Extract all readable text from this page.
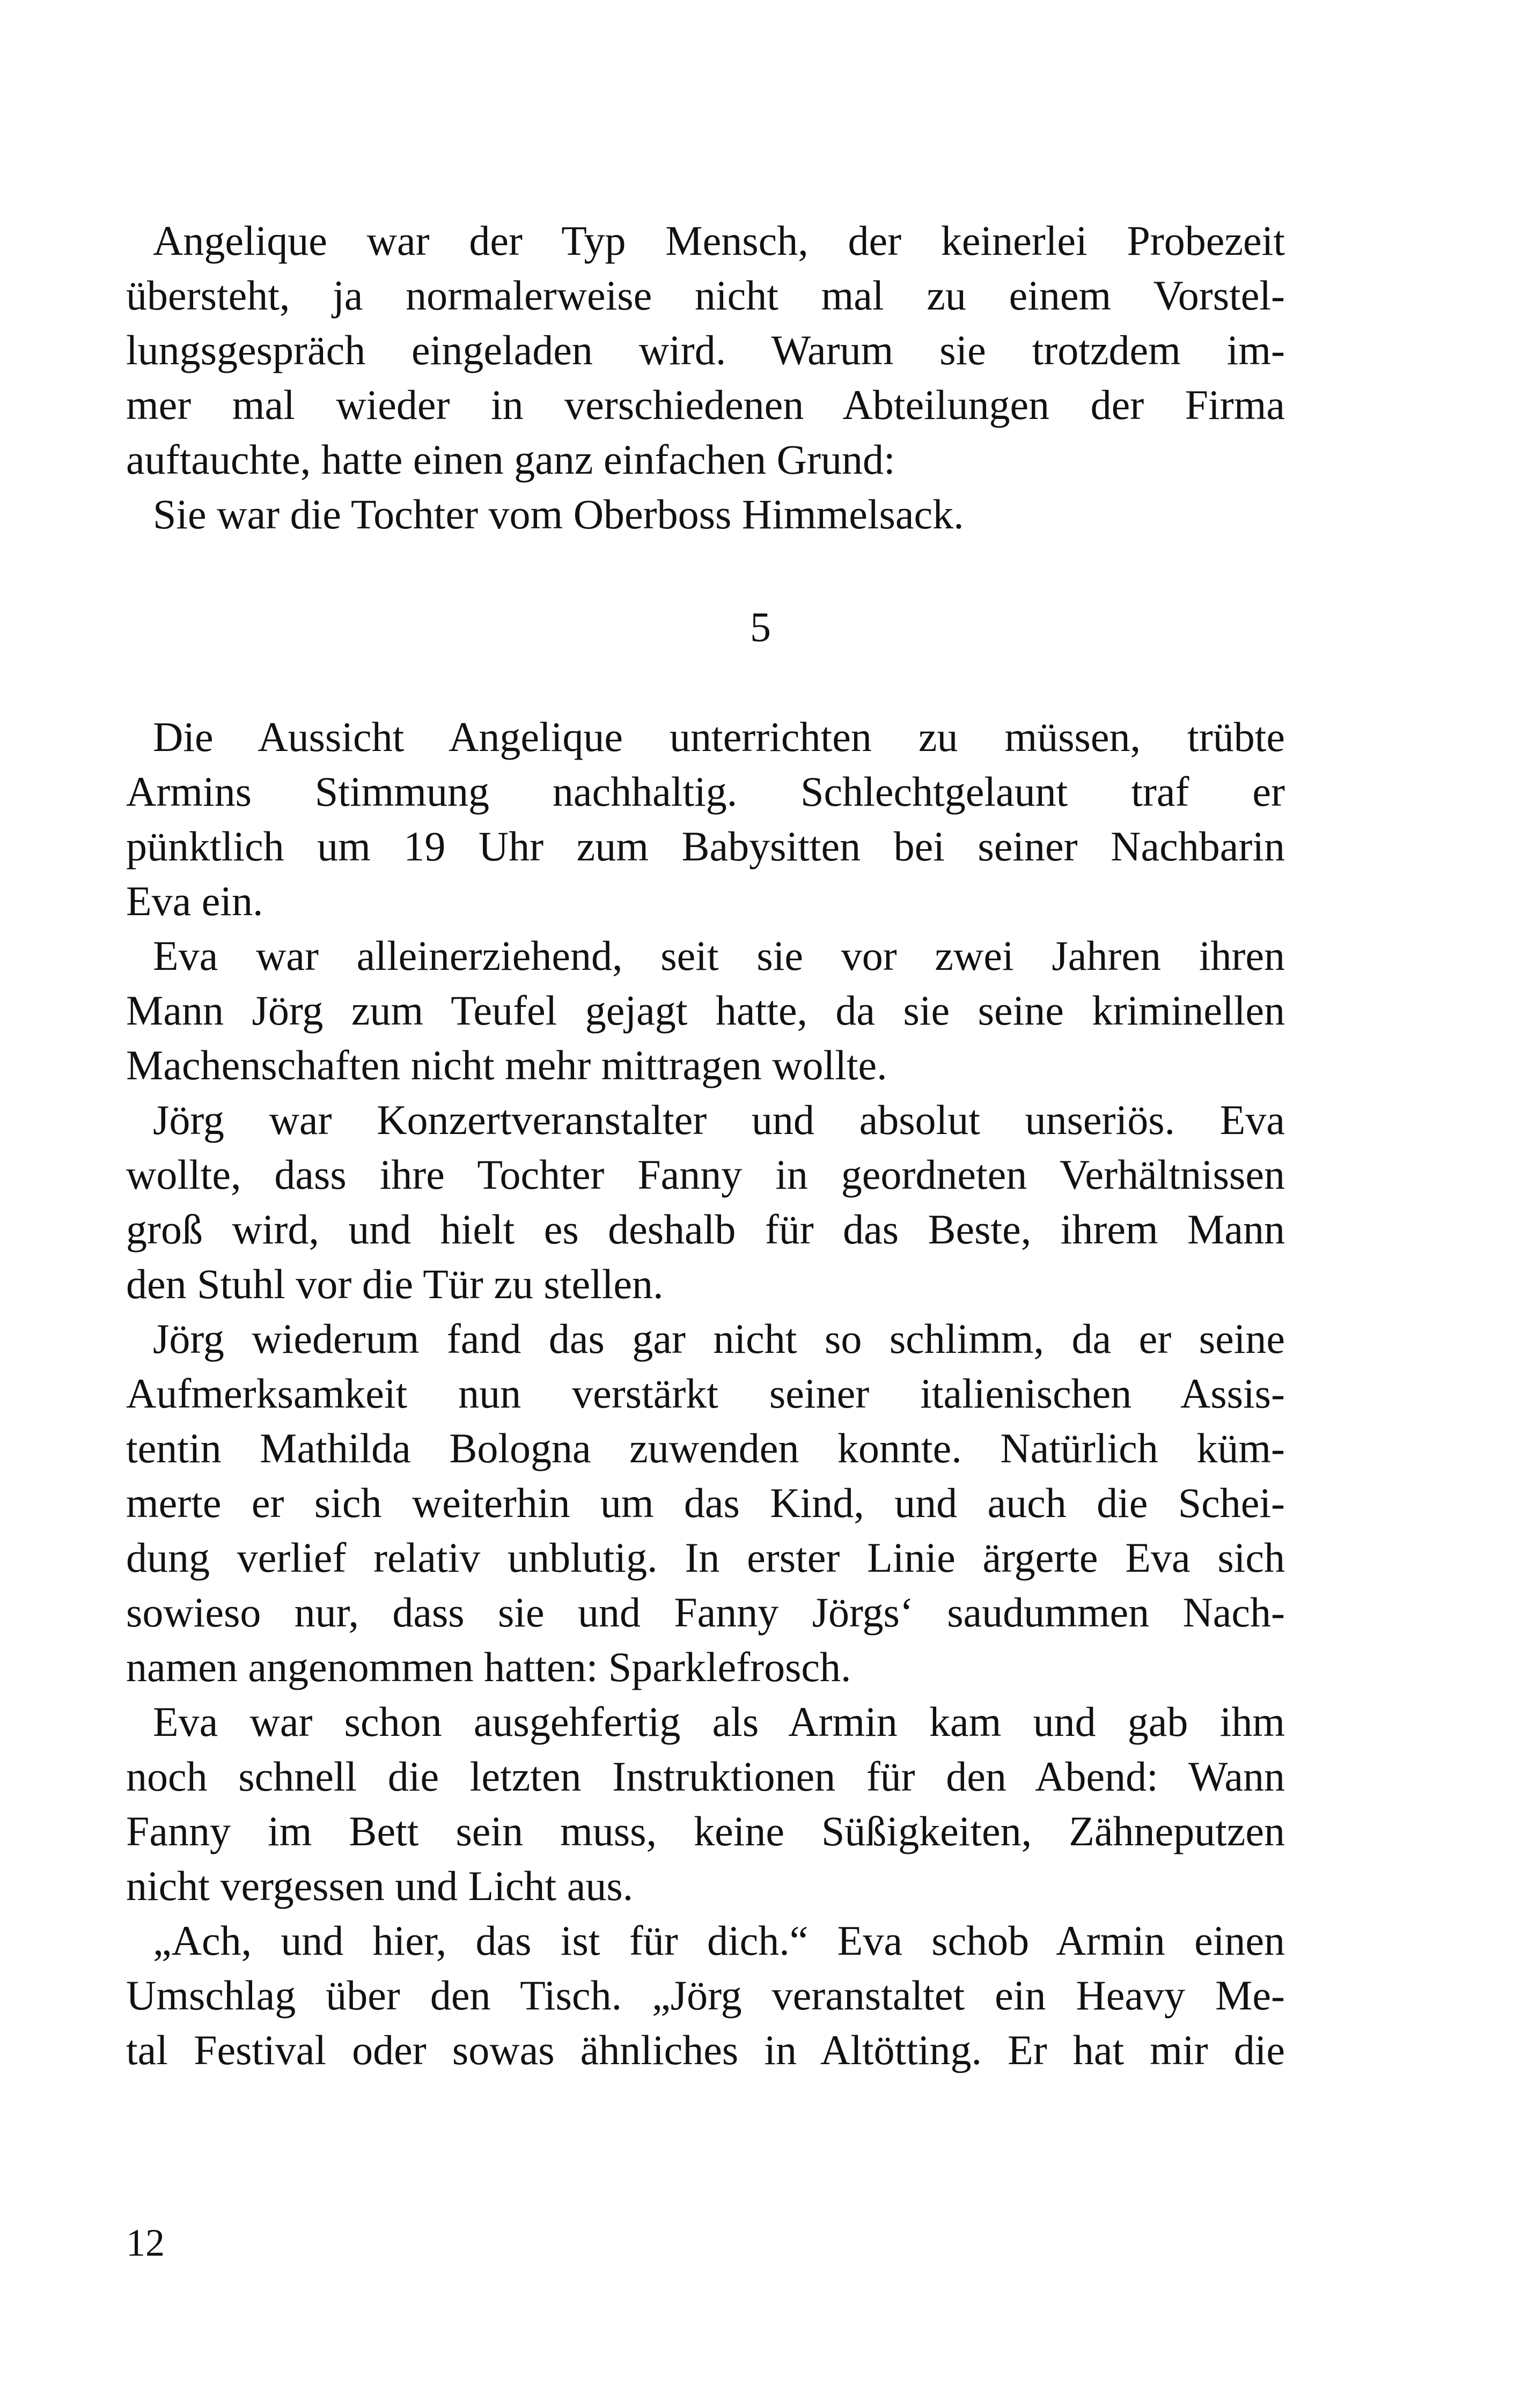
Angelique war der Typ Mensch, der keinerlei Probezeit
übersteht, ja normalerweise nicht mal zu einem Vorstel-
lungsgespräch eingeladen wird. Warum sie trotzdem im-
mer mal wieder in verschiedenen Abteilungen der Firma
auftauchte, hatte einen ganz einfachen Grund:
Sie war die Tochter vom Oberboss Himmelsack.
5
Die Aussicht Angelique unterrichten zu müssen, trübte
Armins Stimmung nachhaltig. Schlechtgelaunt traf er
pünktlich um 19 Uhr zum Babysitten bei seiner Nachbarin
Eva ein.
Eva war alleinerziehend, seit sie vor zwei Jahren ihren
Mann Jörg zum Teufel gejagt hatte, da sie seine kriminellen
Machenschaften nicht mehr mittragen wollte.
Jörg war Konzertveranstalter und absolut unseriös. Eva
wollte, dass ihre Tochter Fanny in geordneten Verhältnissen
groß wird, und hielt es deshalb für das Beste, ihrem Mann
den Stuhl vor die Tür zu stellen.
Jörg wiederum fand das gar nicht so schlimm, da er seine
Aufmerksamkeit nun verstärkt seiner italienischen Assis-
tentin Mathilda Bologna zuwenden konnte. Natürlich küm-
merte er sich weiterhin um das Kind, und auch die Schei-
dung verlief relativ unblutig. In erster Linie ärgerte Eva sich
sowieso nur, dass sie und Fanny Jörgs‘ saudummen Nach-
namen angenommen hatten: Sparklefrosch.
Eva war schon ausgehfertig als Armin kam und gab ihm
noch schnell die letzten Instruktionen für den Abend: Wann
Fanny im Bett sein muss, keine Süßigkeiten, Zähneputzen
nicht vergessen und Licht aus.
„Ach, und hier, das ist für dich.“ Eva schob Armin einen
Umschlag über den Tisch. „Jörg veranstaltet ein Heavy Me-
tal Festival oder sowas ähnliches in Altötting. Er hat mir die
12
